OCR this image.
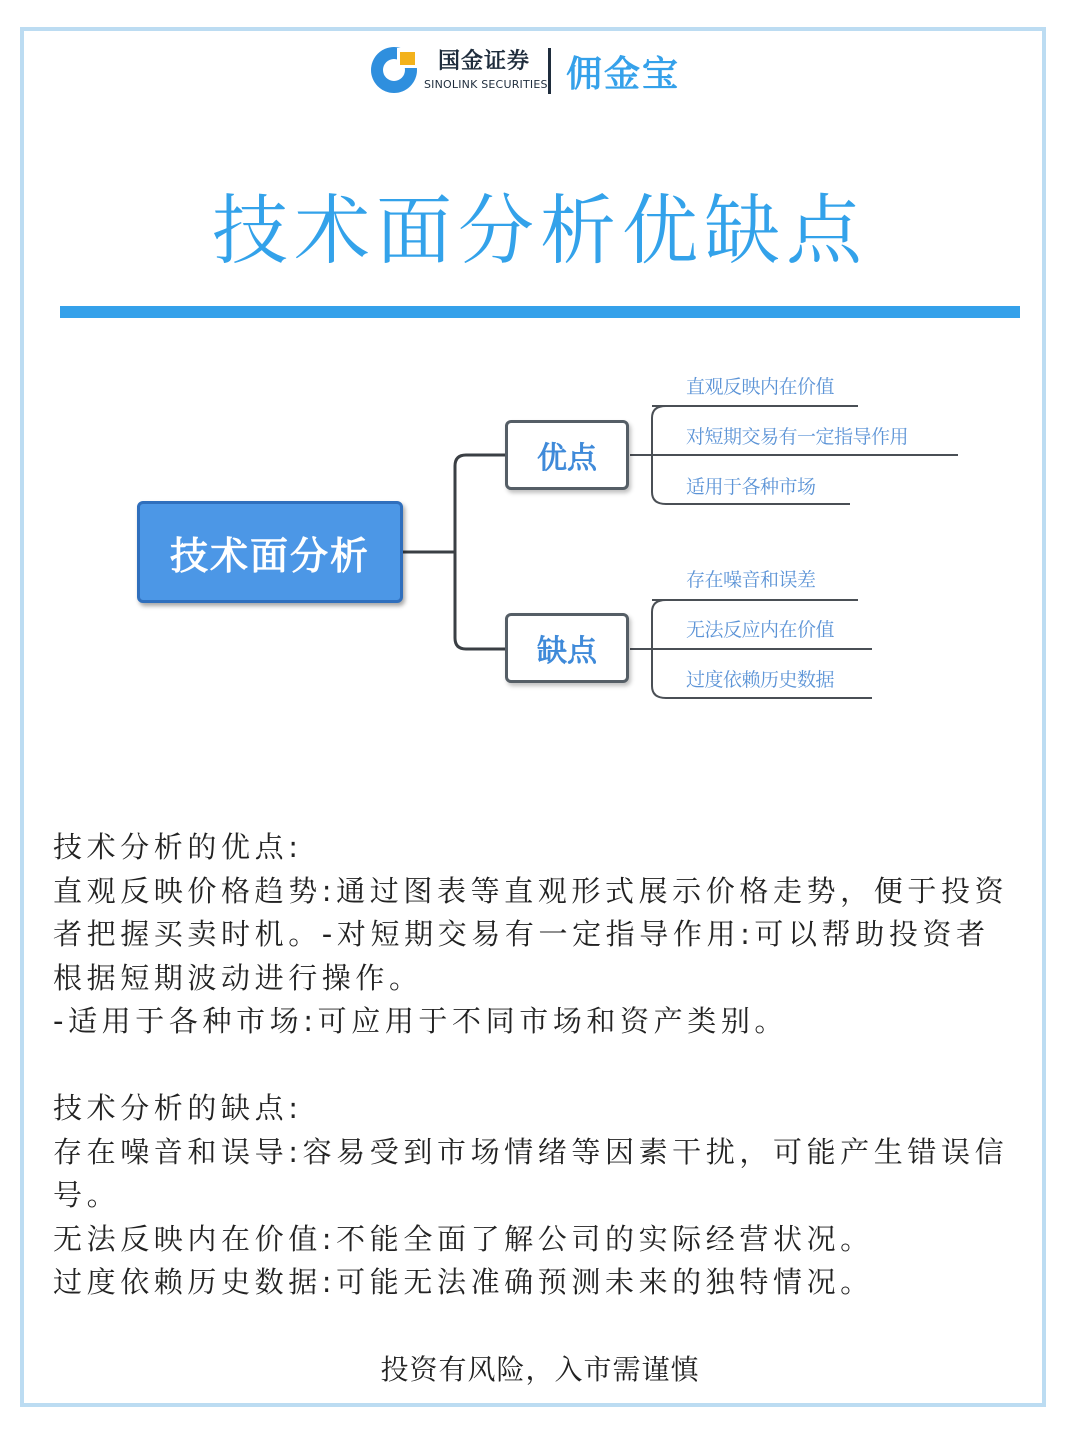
国金证券
SINOLINK SECURITIES 佣金宝
技术面分析优缺点
技术面分析
优点
缺点
直观反映内在价值
对短期交易有一定指导作用
适用于各种市场
存在噪音和误差
无法反应内在价值
过度依赖历史数据

技术分析的优点:

直观反映价格趋势:通过图表等直观形式展示价格走势，便于投资者把握买卖时机。-对短期交易有一定指导作用:可以帮助投资者根据短期波动进行操作。

-适用于各种市场:可应用于不同市场和资产类别。

技术分析的缺点:

存在噪音和误导:容易受到市场情绪等因素干扰，可能产生错误信号。

无法反映内在价值:不能全面了解公司的实际经营状况。

过度依赖历史数据:可能无法准确预测未来的独特情况。

投资有风险，入市需谨慎
